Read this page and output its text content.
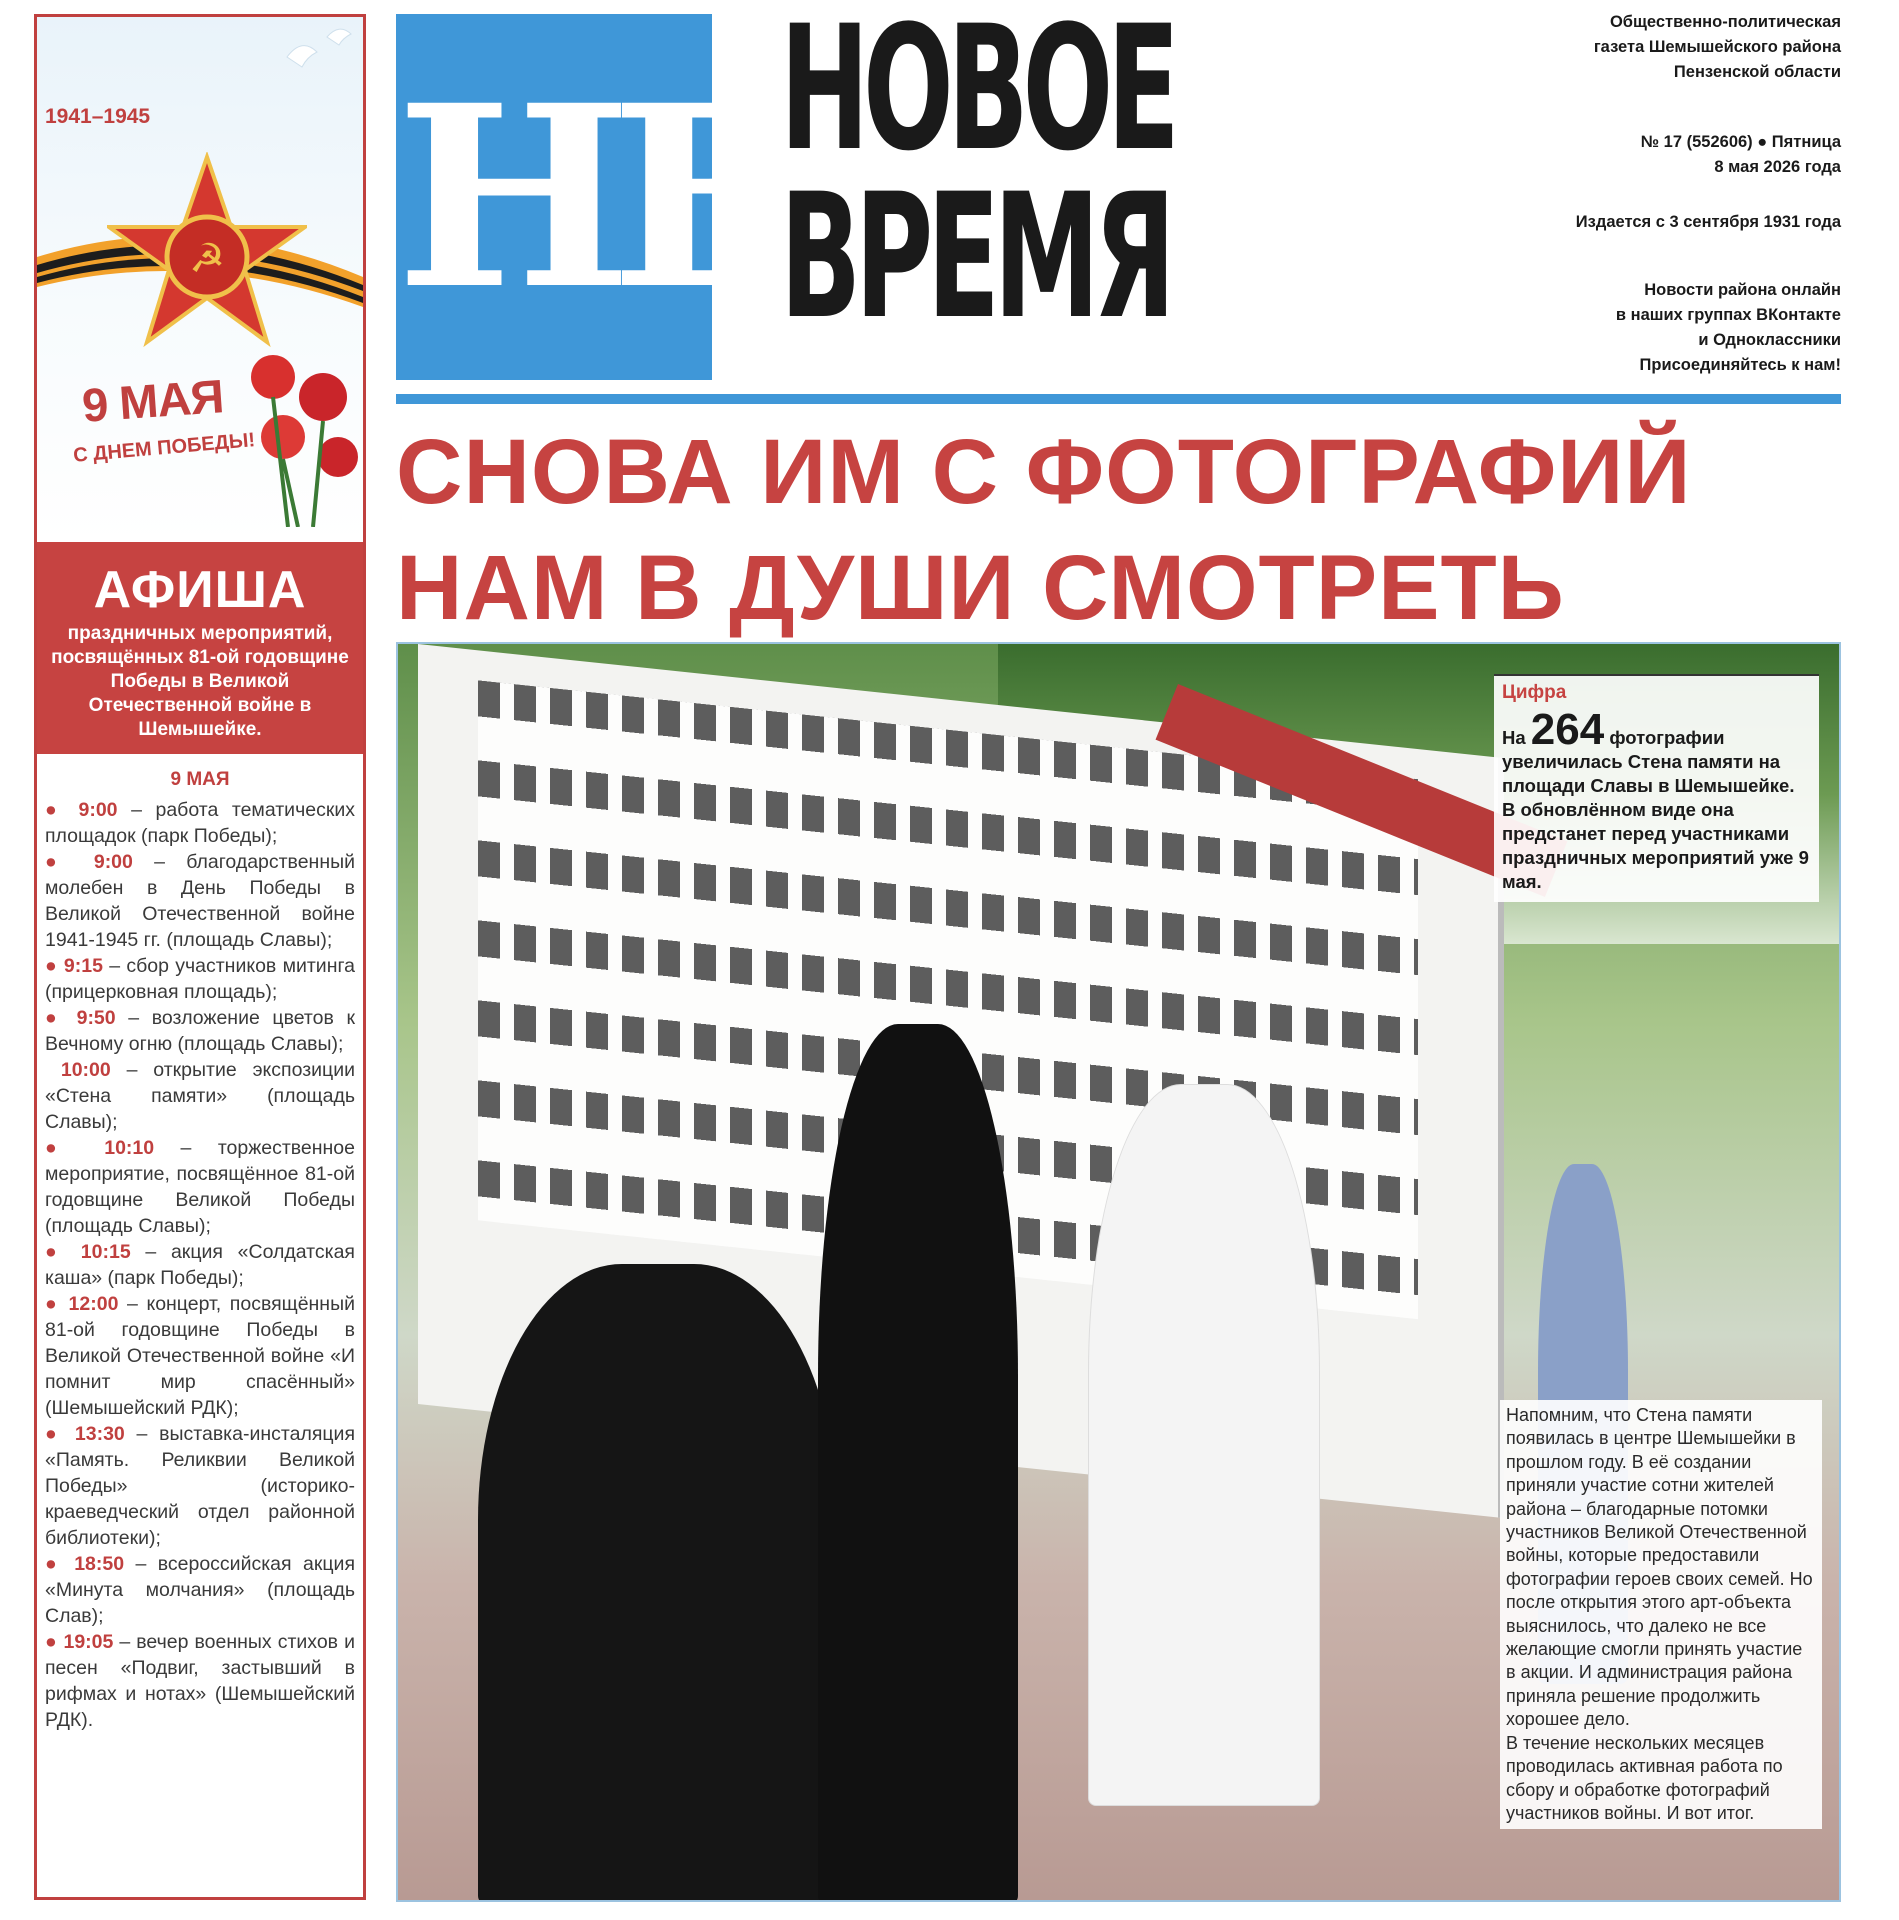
1941–1945
☭
9 МАЯ
С ДНЕМ ПОБЕДЫ!
АФИША
праздничных мероприятий, посвящённых 81-ой годовщине Победы в Великой Отечественной войне в Шемышейке.
9 МАЯ
● 9:00 – работа тематических площадок (парк Победы);
● 9:00 – благодарственный молебен в День Победы в Великой Отечественной войне 1941-1945 гг. (площадь Славы);
● 9:15 – сбор участников митинга (прицерковная площадь);
● 9:50 – возложение цветов к Вечному огню (площадь Славы);
10:00 – открытие экспозиции «Стена памяти» (площадь Славы);
● 10:10 – торжественное мероприятие, посвящённое 81-ой годовщине Великой Победы (площадь Славы);
● 10:15 – акция «Солдатская каша» (парк Победы);
● 12:00 – концерт, посвящённый 81-ой годовщине Победы в Великой Отечественной войне «И помнит мир спасённый» (Шемышейский РДК);
● 13:30 – выставка-инсталяция «Память. Реликвии Великой Победы» (историко-краеведческий отдел районной библиотеки);
● 18:50 – всероссийская акция «Минута молчания» (площадь Слав);
● 19:05 – вечер военных стихов и песен «Подвиг, застывший в рифмах и нотах» (Шемышейский РДК).
НВ
НОВОЕ
ВРЕМЯ
Общественно-политическая
газета Шемышейского района
Пензенской области
№ 17 (552606) ● Пятница
8 мая 2026 года
Издается с 3 сентября 1931 года
Новости района онлайн
в наших группах ВКонтакте
и Одноклассники
Присоединяйтесь к нам!
СНОВА ИМ С ФОТОГРАФИЙ
НАМ В ДУШИ СМОТРЕТЬ
Цифра
На 264 фотографии увеличилась Стена памяти на площади Славы в Шемышейке. В обновлённом виде она предстанет перед участниками праздничных мероприятий уже 9 мая.
Напомним, что Стена памяти появилась в центре Шемышейки в прошлом году. В её создании приняли участие сотни жителей района – благодарные потомки участников Великой Отечественной войны, которые предоставили фотографии героев своих семей. Но после открытия этого арт-объекта выяснилось, что далеко не все желающие смогли принять участие в акции. И администрация района приняла решение продолжить хорошее дело.
В течение нескольких месяцев проводилась активная работа по сбору и обработке фотографий участников войны. И вот итог.
